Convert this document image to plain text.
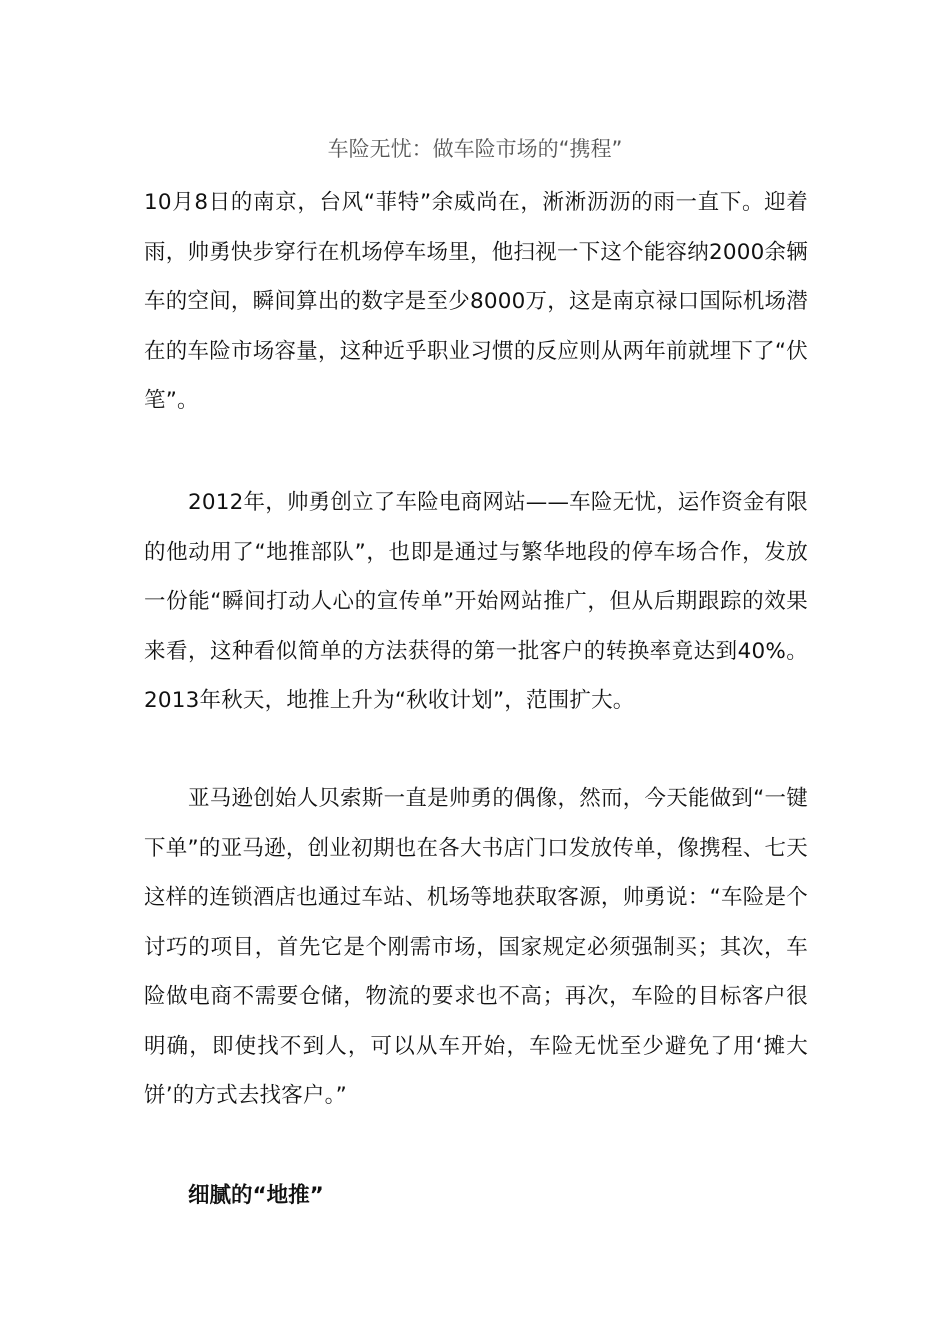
车险无忧：做车险市场的“携程”

10月8日的南京，台风“菲特”余威尚在，淅淅沥沥的雨一直下。迎着雨，帅勇快步穿行在机场停车场里，他扫视一下这个能容纳2000余辆车的空间，瞬间算出的数字是至少8000万，这是南京禄口国际机场潜在的车险市场容量，这种近乎职业习惯的反应则从两年前就埋下了“伏笔”。

2012年，帅勇创立了车险电商网站——车险无忧，运作资金有限的他动用了“地推部队”，也即是通过与繁华地段的停车场合作，发放一份能“瞬间打动人心的宣传单”开始网站推广，但从后期跟踪的效果来看，这种看似简单的方法获得的第一批客户的转换率竟达到40%。2013年秋天，地推上升为“秋收计划”，范围扩大。

亚马逊创始人贝索斯一直是帅勇的偶像，然而，今天能做到“一键下单”的亚马逊，创业初期也在各大书店门口发放传单，像携程、七天这样的连锁酒店也通过车站、机场等地获取客源，帅勇说：“车险是个讨巧的项目，首先它是个刚需市场，国家规定必须强制买；其次，车险做电商不需要仓储，物流的要求也不高；再次，车险的目标客户很明确，即使找不到人，可以从车开始，车险无忧至少避免了用‘摊大饼’的方式去找客户。”

细腻的“地推”
